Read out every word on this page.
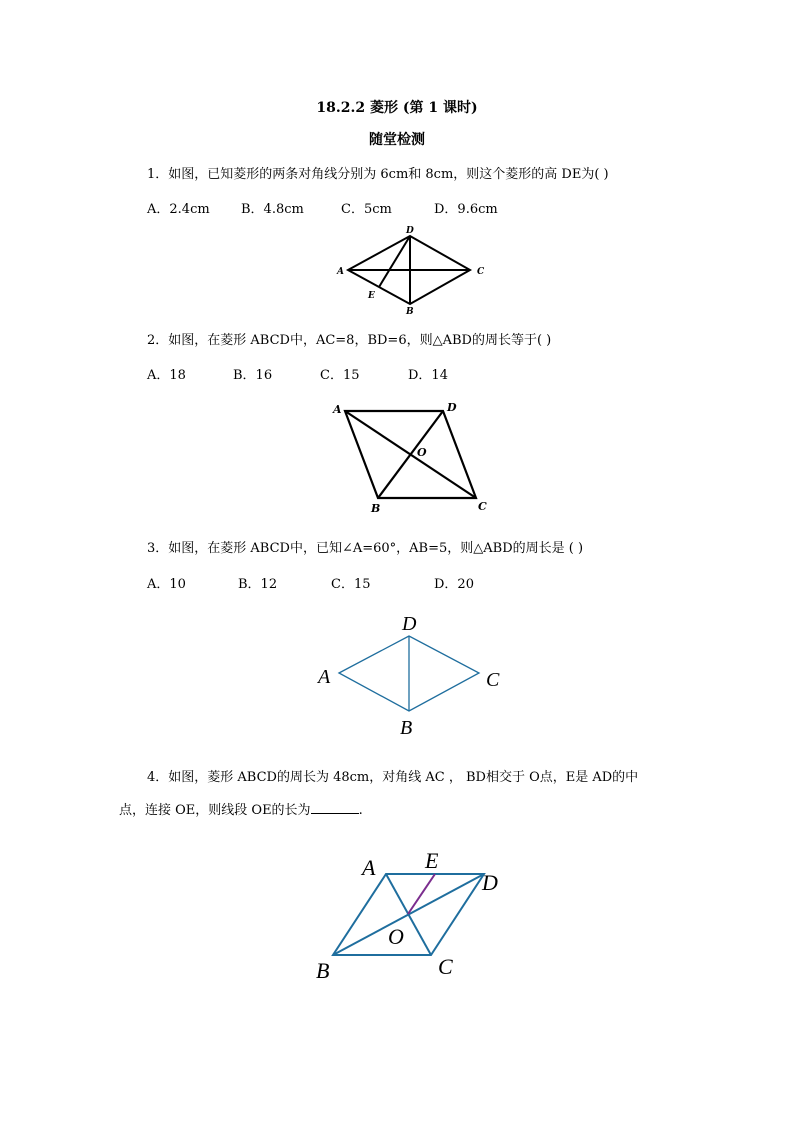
18.2.2 菱形 (第 1 课时)
随堂检测
1．如图，已知菱形的两条对角线分别为 6cm和 8cm，则这个菱形的高 DE为( )
A．2.4cm B．4.8cm	C．5cm	D．9.6cm
A
D
C
B
E
2．如图，在菱形 ABCD中，AC=8，BD=6，则△ABD的周长等于( )
A．18	B．16	C．15	D．14
A	D
C
B
O
3．如图，在菱形 ABCD中，已知∠A=60°，AB=5，则△ABD的周长是 ( )
A．10	B．12	C．15	D．20
A
D
C
B
4．如图，菱形 ABCD的周长为 48cm，对角线 AC ， BD相交于 O点，E是 AD的中
点，连接 OE，则线段 OE的长为	.
A E
D
O
C
B
